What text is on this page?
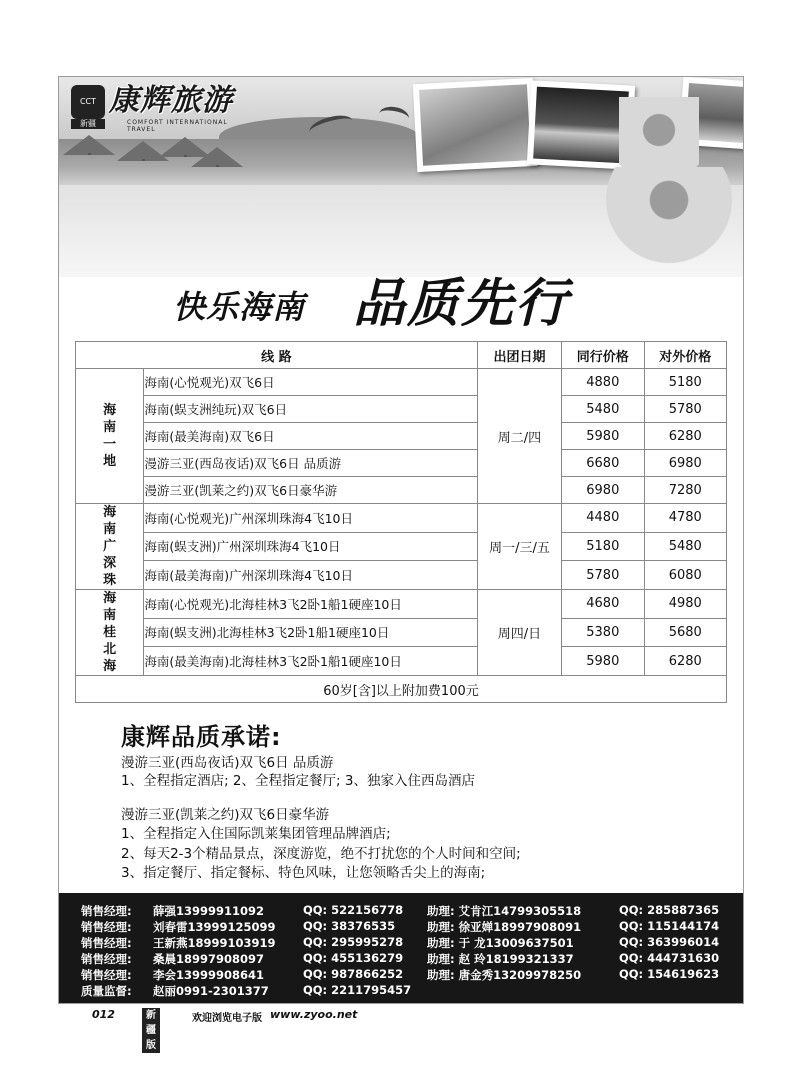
CCT
新疆
康辉旅游
COMFORT INTERNATIONAL TRAVEL
快乐海南 品质先行
线 路		出团日期	同行价格	对外价格
海南一地	海南(心悦观光)双飞6日	周二/四	4880	5180
	海南(蜈支洲纯玩)双飞6日		5480	5780
	海南(最美海南)双飞6日		5980	6280
	漫游三亚(西岛夜话)双飞6日 品质游		6680	6980
	漫游三亚(凯莱之约)双飞6日豪华游		6980	7280
海南广深珠	海南(心悦观光)广州深圳珠海4飞10日	周一/三/五	4480	4780
	海南(蜈支洲)广州深圳珠海4飞10日		5180	5480
	海南(最美海南)广州深圳珠海4飞10日		5780	6080
海南桂北海	海南(心悦观光)北海桂林3飞2卧1船1硬座10日	周四/日	4680	4980
	海南(蜈支洲)北海桂林3飞2卧1船1硬座10日		5380	5680
	海南(最美海南)北海桂林3飞2卧1船1硬座10日		5980	6280
60岁[含]以上附加费100元				
康辉品质承诺:
漫游三亚(西岛夜话)双飞6日 品质游
1、全程指定酒店; 2、全程指定餐厅; 3、独家入住西岛酒店
漫游三亚(凯莱之约)双飞6日豪华游
1、全程指定入住国际凯莱集团管理品牌酒店;
2、每天2-3个精品景点，深度游览，绝不打扰您的个人时间和空间;
3、指定餐厅、指定餐标、特色风味，让您领略舌尖上的海南;
销售经理: 薛强13999911092	QQ: 522156778 助理: 艾肯江14799305518	QQ: 285887365
销售经理: 刘春雷13999125099 QQ: 38376535	助理: 徐亚婵18997908091	QQ: 115144174
销售经理: 王新燕18999103919 QQ: 295995278 助理: 于 龙13009637501	QQ: 363996014
销售经理: 桑晨18997908097	QQ: 455136279 助理: 赵 玲18199321337	QQ: 444731630
销售经理: 李会13999908641	QQ: 987866252 助理: 唐金秀13209978250	QQ: 154619623
质量监督: 赵丽0991-2301377	QQ: 2211795457
012	新疆版
欢迎浏览电子版 www.zyoo.net
